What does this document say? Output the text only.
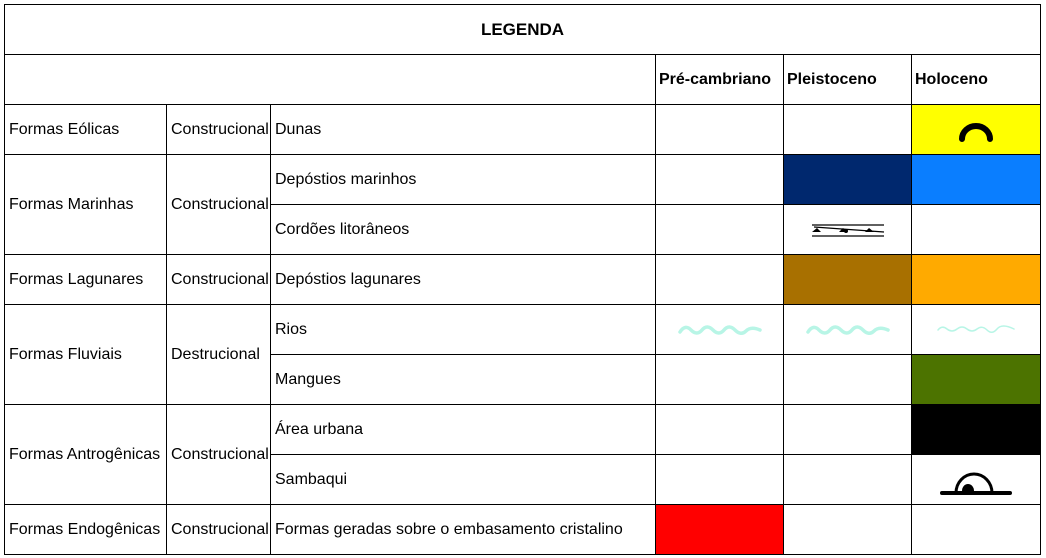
LEGENDA					
			Pré-cambriano	Pleistoceno	Holoceno
Formas Eólicas	Construcional	Dunas			

Formas Marinhas	Construcional	Depóstios marinhos			
		Cordões litorâneos		

Formas Lagunares	Construcional	Depóstios lagunares			
Formas Fluviais	Destrucional	Rios	

		Mangues			
Formas Antrogênicas	Construcional	Área urbana			
		Sambaqui			

Formas Endogênicas	Construcional	Formas geradas sobre o embasamento cristalino			
